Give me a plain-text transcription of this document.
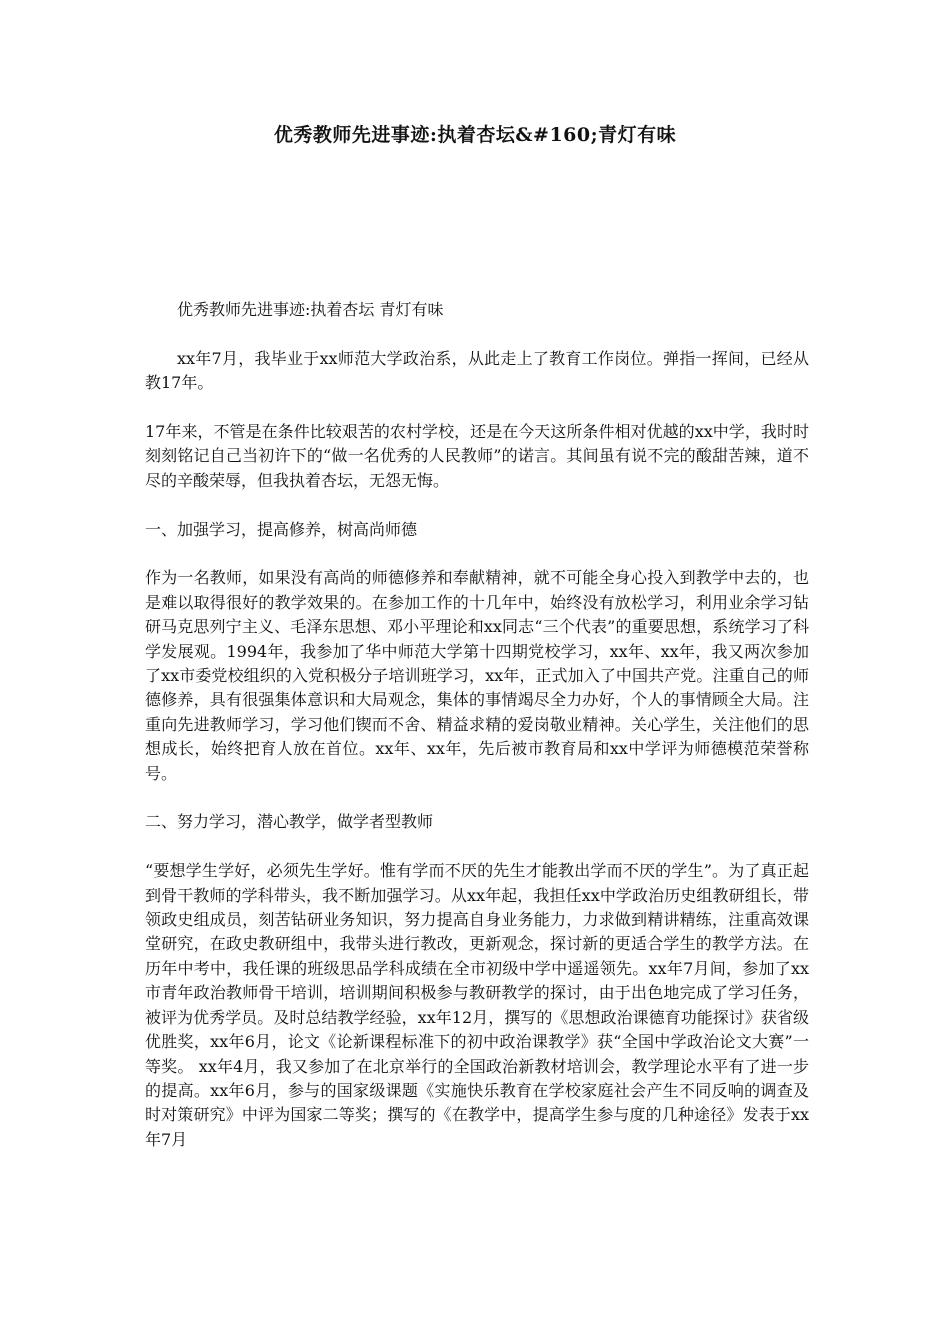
优秀教师先进事迹:执着杏坛&#160;青灯有味

优秀教师先进事迹:执着杏坛 青灯有味

xx年7月，我毕业于xx师范大学政治系，从此走上了教育工作岗位。弹指一挥间，已经从教17年。

17年来，不管是在条件比较艰苦的农村学校，还是在今天这所条件相对优越的xx中学，我时时刻刻铭记自己当初许下的“做一名优秀的人民教师”的诺言。其间虽有说不完的酸甜苦辣，道不尽的辛酸荣辱，但我执着杏坛，无怨无悔。

一、加强学习，提高修养，树高尚师德

作为一名教师，如果没有高尚的师德修养和奉献精神，就不可能全身心投入到教学中去的，也是难以取得很好的教学效果的。在参加工作的十几年中，始终没有放松学习，利用业余学习钻研马克思列宁主义、毛泽东思想、邓小平理论和xx同志“三个代表”的重要思想，系统学习了科学发展观。1994年，我参加了华中师范大学第十四期党校学习，xx年、xx年，我又两次参加了xx市委党校组织的入党积极分子培训班学习，xx年，正式加入了中国共产党。注重自己的师德修养，具有很强集体意识和大局观念，集体的事情竭尽全力办好，个人的事情顾全大局。注重向先进教师学习，学习他们锲而不舍、精益求精的爱岗敬业精神。关心学生，关注他们的思想成长，始终把育人放在首位。xx年、xx年，先后被市教育局和xx中学评为师德模范荣誉称号。

二、努力学习，潜心教学，做学者型教师

“要想学生学好，必须先生学好。惟有学而不厌的先生才能教出学而不厌的学生”。为了真正起到骨干教师的学科带头，我不断加强学习。从xx年起，我担任xx中学政治历史组教研组长，带领政史组成员，刻苦钻研业务知识，努力提高自身业务能力，力求做到精讲精练，注重高效课堂研究，在政史教研组中，我带头进行教改，更新观念，探讨新的更适合学生的教学方法。在历年中考中，我任课的班级思品学科成绩在全市初级中学中遥遥领先。xx年7月间，参加了xx市青年政治教师骨干培训，培训期间积极参与教研教学的探讨，由于出色地完成了学习任务，被评为优秀学员。及时总结教学经验，xx年12月，撰写的《思想政治课德育功能探讨》获省级优胜奖，xx年6月，论文《论新课程标准下的初中政治课教学》获“全国中学政治论文大赛”一等奖。 xx年4月，我又参加了在北京举行的全国政治新教材培训会，教学理论水平有了进一步的提高。xx年6月，参与的国家级课题《实施快乐教育在学校家庭社会产生不同反响的调查及时对策研究》中评为国家二等奖；撰写的《在教学中，提高学生参与度的几种途径》发表于xx年7月
